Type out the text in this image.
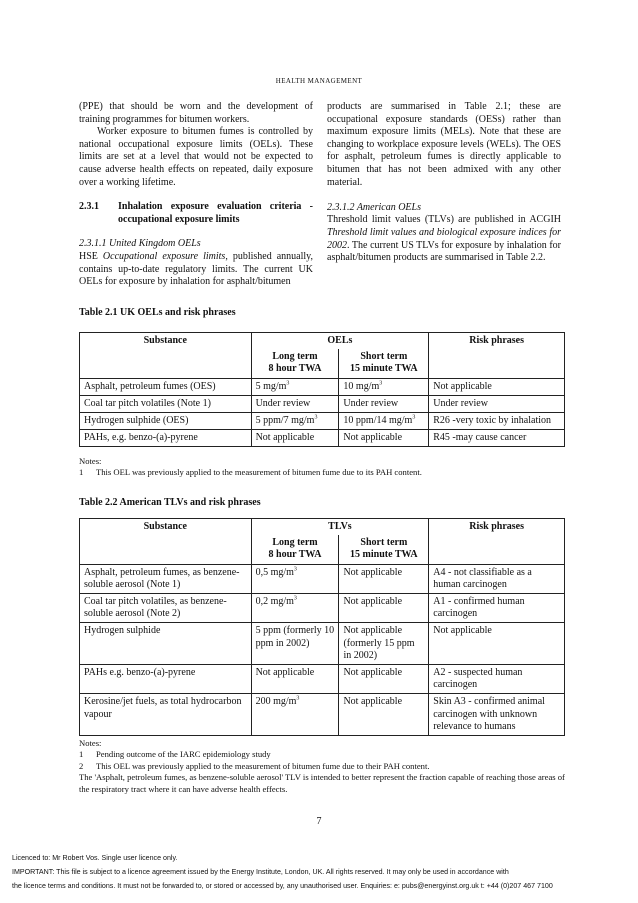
HEALTH MANAGEMENT

(PPE) that should be worn and the development of training programmes for bitumen workers.

Worker exposure to bitumen fumes is controlled by national occupational exposure limits (OELs). These limits are set at a level that would not be expected to cause adverse health effects on repeated, daily exposure over a working lifetime.

2.3.1	Inhalation exposure evaluation criteria - occupational exposure limits

2.3.1.1 United Kingdom OELs

HSE Occupational exposure limits, published annually, contains up-to-date regulatory limits. The current UK OELs for exposure by inhalation for asphalt/bitumen

products are summarised in Table 2.1; these are occupational exposure standards (OESs) rather than maximum exposure limits (MELs). Note that these are changing to workplace exposure levels (WELs). The OES for asphalt, petroleum fumes is directly applicable to bitumen that has not been admixed with any other material.

2.3.1.2 American OELs

Threshold limit values (TLVs) are published in ACGIH Threshold limit values and biological exposure indices for 2002. The current US TLVs for exposure by inhalation for asphalt/bitumen products are summarised in Table 2.2.

Table 2.1 UK OELs and risk phrases
Substance	OELs		Risk phrases
	Long term
8 hour TWA	Short term
15 minute TWA	
Asphalt, petroleum fumes (OES)	5 $mg/m^3$	10 $mg/m^3$	Not applicable
Coal tar pitch volatiles (Note 1)	Under review	Under review	Under review
Hydrogen sulphide (OES)	5 ppm/7 $mg/m^3$	10 ppm/14 $mg/m^3$	R26 -very toxic by inhalation
PAHs, e.g. benzo-(a)-pyrene	Not applicable	Not applicable	R45 -may cause cancer

Notes:

1 This OEL was previously applied to the measurement of bitumen fume due to its PAH content.

Table 2.2 American TLVs and risk phrases
Substance	TLVs		Risk phrases
	Long term
8 hour TWA	Short term
15 minute TWA	
Asphalt, petroleum fumes, as benzene-soluble aerosol (Note 1)	0,5 $mg/m^3$	Not applicable	A4 - not classifiable as a human carcinogen
Coal tar pitch volatiles, as benzene-soluble aerosol (Note 2)	0,2 $mg/m^3$	Not applicable	A1 - confirmed human carcinogen
Hydrogen sulphide	5 ppm (formerly 10 ppm in 2002)	Not applicable (formerly 15 ppm in 2002)	Not applicable
PAHs e.g. benzo-(a)-pyrene	Not applicable	Not applicable	A2 - suspected human carcinogen
Kerosine/jet fuels, as total hydrocarbon vapour	200 $mg/m^3$	Not applicable	Skin A3 - confirmed animal carcinogen with unknown relevance to humans

Notes:

1 Pending outcome of the IARC epidemiology study

2 This OEL was previously applied to the measurement of bitumen fume due to their PAH content.

The 'Asphalt, petroleum fumes, as benzene-soluble aerosol' TLV is intended to better represent the fraction capable of reaching those areas of the respiratory tract where it can have adverse health effects.

7
Licenced to: Mr Robert Vos. Single user licence only.
IMPORTANT: This file is subject to a licence agreement issued by the Energy Institute, London, UK. All rights reserved. It may only be used in accordance with
the licence terms and conditions. It must not be forwarded to, or stored or accessed by, any unauthorised user. Enquiries: e: pubs@energyinst.org.uk t: +44 (0)207 467 7100
